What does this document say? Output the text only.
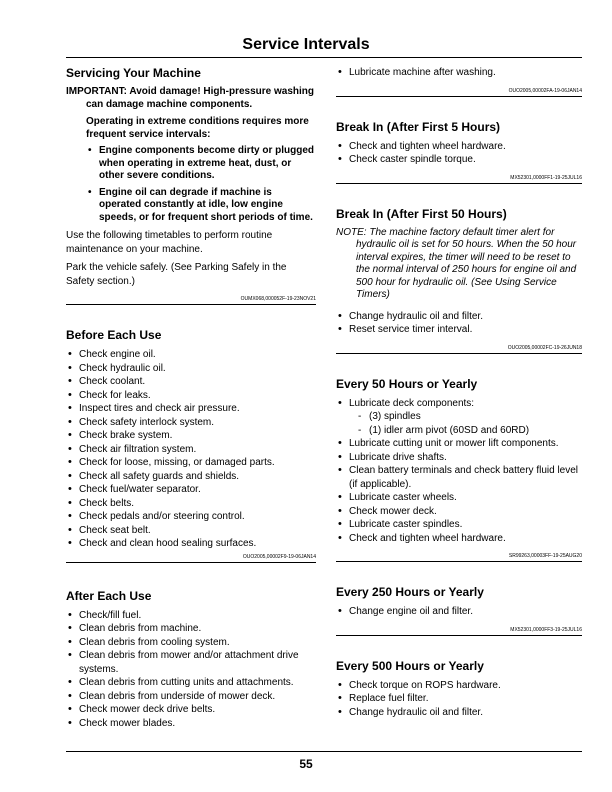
Service Intervals
Servicing Your Machine
IMPORTANT: Avoid damage! High-pressure washing can damage machine components.
Operating in extreme conditions requires more frequent service intervals:
• Engine components become dirty or plugged when operating in extreme heat, dust, or other severe conditions.
• Engine oil can degrade if machine is operated constantly at idle, low engine speeds, or for frequent short periods of time.
Use the following timetables to perform routine maintenance on your machine.
Park the vehicle safely. (See Parking Safely in the Safety section.)
OUMX068,000052F-19-23NOV21
Before Each Use
• Check engine oil.
• Check hydraulic oil.
• Check coolant.
• Check for leaks.
• Inspect tires and check air pressure.
• Check safety interlock system.
• Check brake system.
• Check air filtration system.
• Check for loose, missing, or damaged parts.
• Check all safety guards and shields.
• Check fuel/water separator.
• Check belts.
• Check pedals and/or steering control.
• Check seat belt.
• Check and clean hood sealing surfaces.
OUO2005,00002F9-19-06JAN14
After Each Use
• Check/fill fuel.
• Clean debris from machine.
• Clean debris from cooling system.
• Clean debris from mower and/or attachment drive systems.
• Clean debris from cutting units and attachments.
• Clean debris from underside of mower deck.
• Check mower deck drive belts.
• Check mower blades.
• Lubricate machine after washing.
OUO2005,00002FA-19-06JAN14
Break In (After First 5 Hours)
• Check and tighten wheel hardware.
• Check caster spindle torque.
MX52301,0000FF1-19-25JUL16
Break In (After First 50 Hours)
NOTE: The machine factory default timer alert for hydraulic oil is set for 50 hours. When the 50 hour interval expires, the timer will need to be reset to the normal interval of 250 hours for engine oil and 500 hour for hydraulic oil. (See Using Service Timers)
• Change hydraulic oil and filter.
• Reset service timer interval.
OUO2005,00002FC-19-26JUN18
Every 50 Hours or Yearly
• Lubricate deck components:
- (3) spindles
- (1) idler arm pivot (60SD and 60RD)
• Lubricate cutting unit or mower lift components.
• Lubricate drive shafts.
• Clean battery terminals and check battery fluid level (if applicable).
• Lubricate caster wheels.
• Check mower deck.
• Lubricate caster spindles.
• Check and tighten wheel hardware.
SR99263,00003FF-19-25AUG20
Every 250 Hours or Yearly
• Change engine oil and filter.
MX52301,0000FF3-19-25JUL16
Every 500 Hours or Yearly
• Check torque on ROPS hardware.
• Replace fuel filter.
• Change hydraulic oil and filter.
55
